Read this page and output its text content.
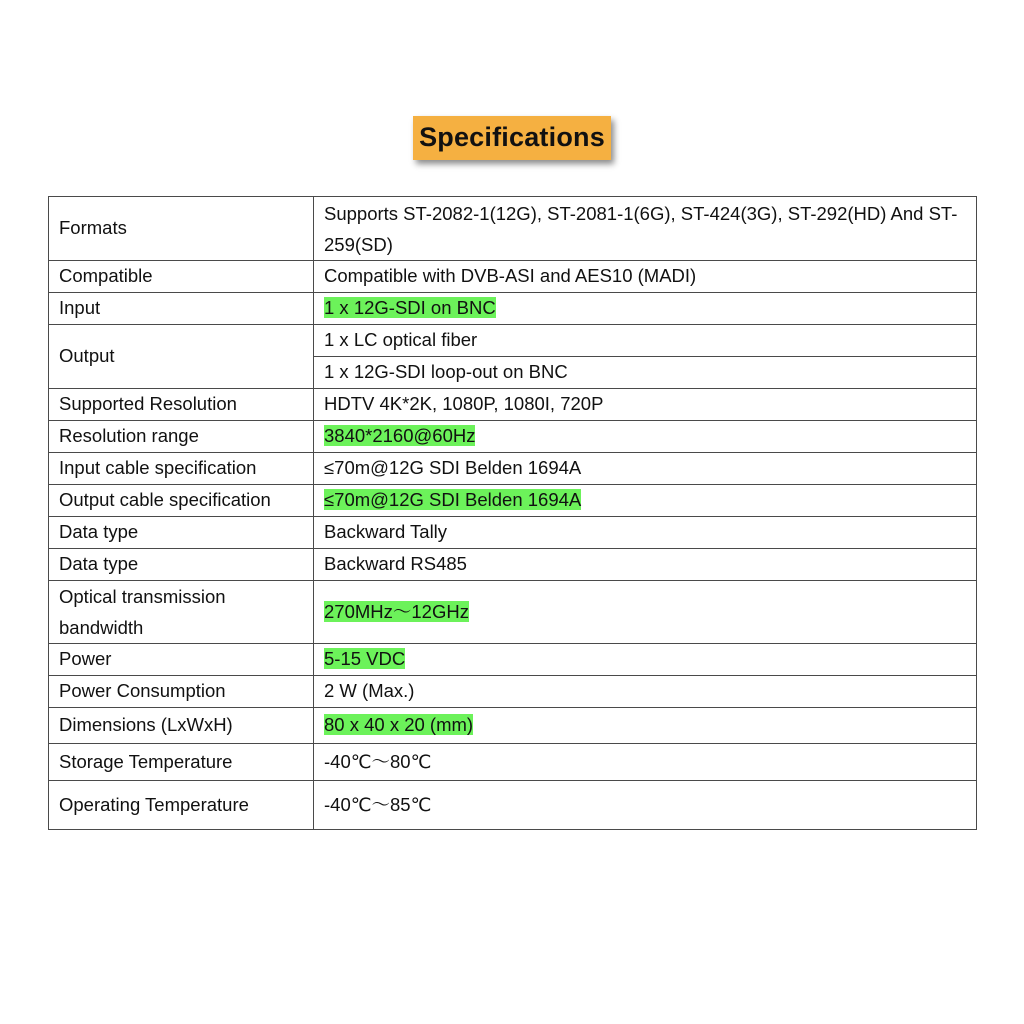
Specifications
Formats	Supports ST-2082-1(12G), ST-2081-1(6G), ST-424(3G), ST-292(HD) And ST-259(SD)
Compatible	Compatible with DVB-ASI and AES10 (MADI)
Input	1 x 12G-SDI on BNC
Output	1 x LC optical fiber
	1 x 12G-SDI loop-out on BNC
Supported Resolution	HDTV 4K*2K, 1080P, 1080I, 720P
Resolution range	3840*2160@60Hz
Input cable specification	≤70m@12G SDI Belden 1694A
Output cable specification	≤70m@12G SDI Belden 1694A
Data type	Backward Tally
Data type	Backward RS485
Optical transmission bandwidth	270MHz～12GHz
Power	5-15 VDC
Power Consumption	2 W (Max.)
Dimensions (LxWxH)	80 x 40 x 20 (mm)
Storage Temperature	-40℃～80℃
Operating Temperature	-40℃～85℃
